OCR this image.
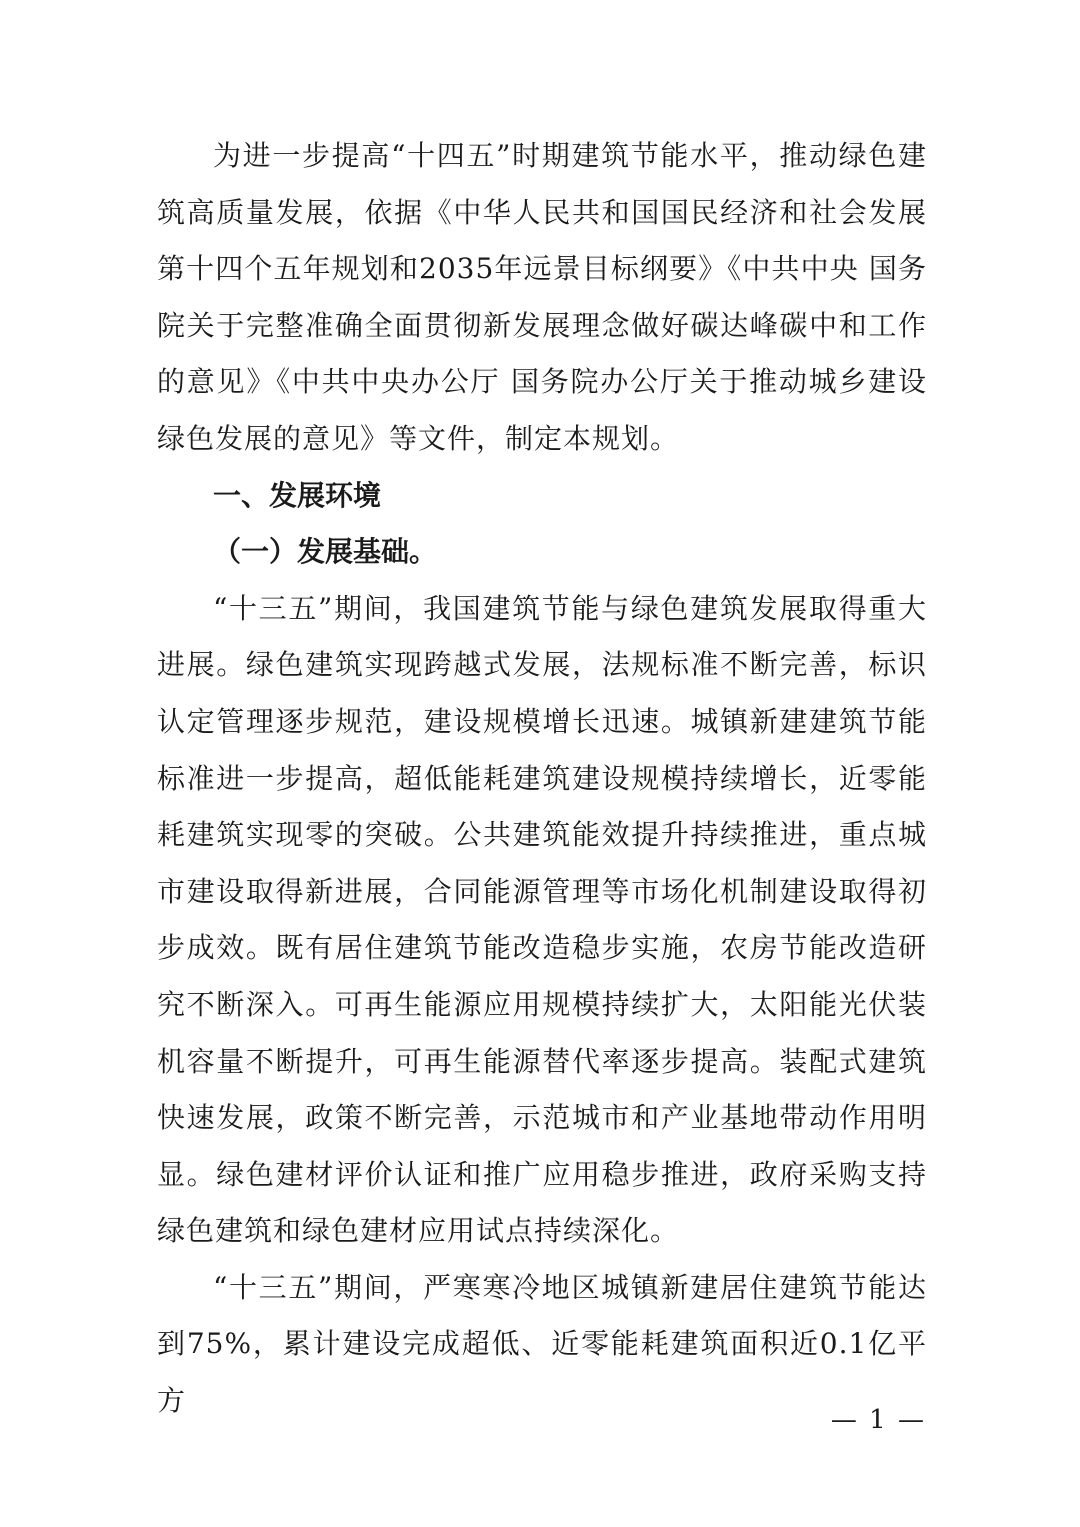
为进一步提高“十四五”时期建筑节能水平，推动绿色建筑高质量发展，依据《中华人民共和国国民经济和社会发展第十四个五年规划和2035年远景目标纲要》《中共中央 国务院关于完整准确全面贯彻新发展理念做好碳达峰碳中和工作的意见》《中共中央办公厅 国务院办公厅关于推动城乡建设绿色发展的意见》等文件，制定本规划。

一、发展环境

（一）发展基础。

“十三五”期间，我国建筑节能与绿色建筑发展取得重大进展。绿色建筑实现跨越式发展，法规标准不断完善，标识认定管理逐步规范，建设规模增长迅速。城镇新建建筑节能标准进一步提高，超低能耗建筑建设规模持续增长，近零能耗建筑实现零的突破。公共建筑能效提升持续推进，重点城市建设取得新进展，合同能源管理等市场化机制建设取得初步成效。既有居住建筑节能改造稳步实施，农房节能改造研究不断深入。可再生能源应用规模持续扩大，太阳能光伏装机容量不断提升，可再生能源替代率逐步提高。装配式建筑快速发展，政策不断完善，示范城市和产业基地带动作用明显。绿色建材评价认证和推广应用稳步推进，政府采购支持绿色建筑和绿色建材应用试点持续深化。

“十三五”期间，严寒寒冷地区城镇新建居住建筑节能达到75%，累计建设完成超低、近零能耗建筑面积近0.1亿平方

— 1 —
